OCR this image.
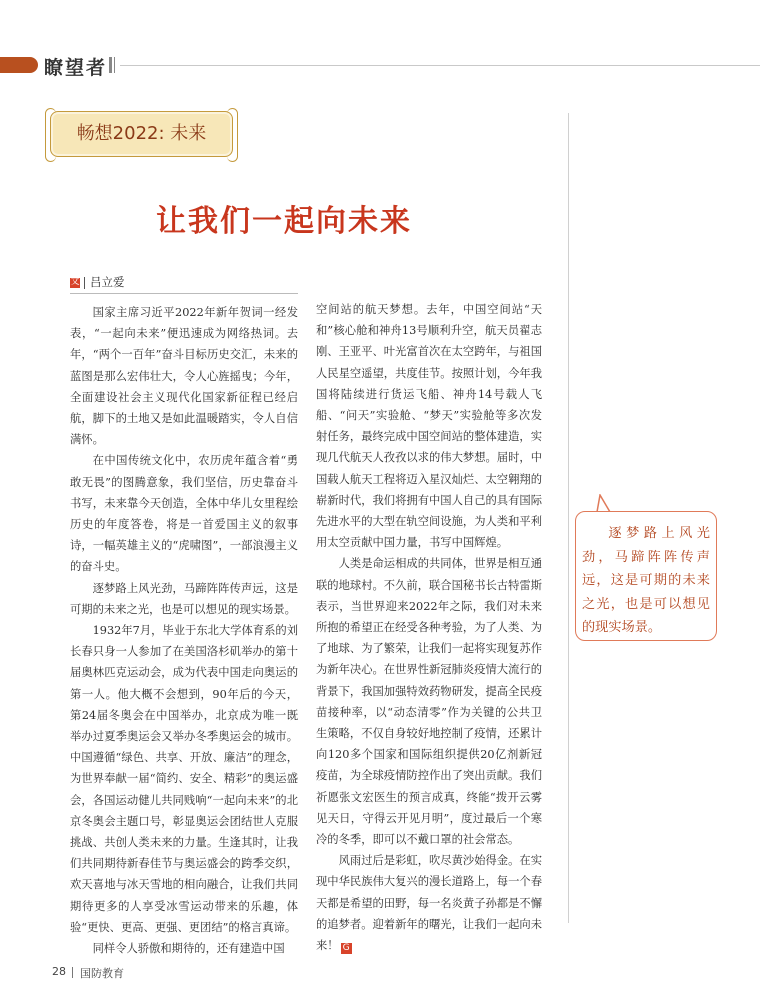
瞭望者
畅想2022: 未来
让我们一起向未来
文 吕立爱

国家主席习近平2022年新年贺词一经发表，“一起向未来”便迅速成为网络热词。去年，“两个一百年”奋斗目标历史交汇，未来的蓝图是那么宏伟壮大，令人心旌摇曳；今年，全面建设社会主义现代化国家新征程已经启航，脚下的土地又是如此温暖踏实，令人自信满怀。

在中国传统文化中，农历虎年蕴含着“勇敢无畏”的图腾意象，我们坚信，历史靠奋斗书写，未来靠今天创造，全体中华儿女里程绘历史的年度答卷，将是一首爱国主义的叙事诗，一幅英雄主义的“虎啸图”，一部浪漫主义的奋斗史。

逐梦路上风光劲，马蹄阵阵传声远，这是可期的未来之光，也是可以想见的现实场景。

1932年7月，毕业于东北大学体育系的刘长春只身一人参加了在美国洛杉矶举办的第十届奥林匹克运动会，成为代表中国走向奥运的第一人。他大概不会想到，90年后的今天，第24届冬奥会在中国举办，北京成为唯一既举办过夏季奥运会又举办冬季奥运会的城市。中国遵循“绿色、共享、开放、廉洁”的理念，为世界奉献一届“简约、安全、精彩”的奥运盛会，各国运动健儿共同贱响“一起向未来”的北京冬奥会主题口号，彰显奥运会团结世人克服挑战、共创人类未来的力量。生逢其时，让我们共同期待新春佳节与奥运盛会的跨季交织，欢天喜地与冰天雪地的相向融合，让我们共同期待更多的人享受冰雪运动带来的乐趣，体验“更快、更高、更强、更团结”的格言真谛。

同样令人骄傲和期待的，还有建造中国

空间站的航天梦想。去年，中国空间站“天和”核心舱和神舟13号顺利升空，航天员翟志刚、王亚平、叶光富首次在太空跨年，与祖国人民星空遥望，共度佳节。按照计划，今年我国将陆续进行货运飞船、神舟14号载人飞船、“问天”实验舱、“梦天”实验舱等多次发射任务，最终完成中国空间站的整体建造，实现几代航天人孜孜以求的伟大梦想。届时，中国载人航天工程将迈入星汉灿烂、太空翱翔的崭新时代，我们将拥有中国人自己的具有国际先进水平的大型在轨空间设施，为人类和平利用太空贡献中国力量，书写中国辉煌。

人类是命运相成的共同体，世界是相互通联的地球村。不久前，联合国秘书长古特雷斯表示，当世界迎来2022年之际，我们对未来所抱的希望正在经受各种考验，为了人类、为了地球、为了繁荣，让我们一起将实现复苏作为新年决心。在世界性新冠肺炎疫情大流行的背景下，我国加强特效药物研发，提高全民疫苗接种率，以“动态清零”作为关键的公共卫生策略，不仅自身较好地控制了疫情，还累计向120多个国家和国际组织提供20亿剂新冠疫苗，为全球疫情防控作出了突出贡献。我们祈愿张文宏医生的预言成真，终能“拨开云雾见天日，守得云开见月明”，度过最后一个寒冷的冬季，即可以不戴口罩的社会常态。

风雨过后是彩虹，吹尽黄沙始得金。在实现中华民族伟大复兴的漫长道路上，每一个春天都是希望的田野，每一名炎黄子孙都是不懈的追梦者。迎着新年的曙光，让我们一起向未来！ G

逐梦路上风光劲，马蹄阵阵传声远，这是可期的未来之光，也是可以想见的现实场景。
28 国防教育
